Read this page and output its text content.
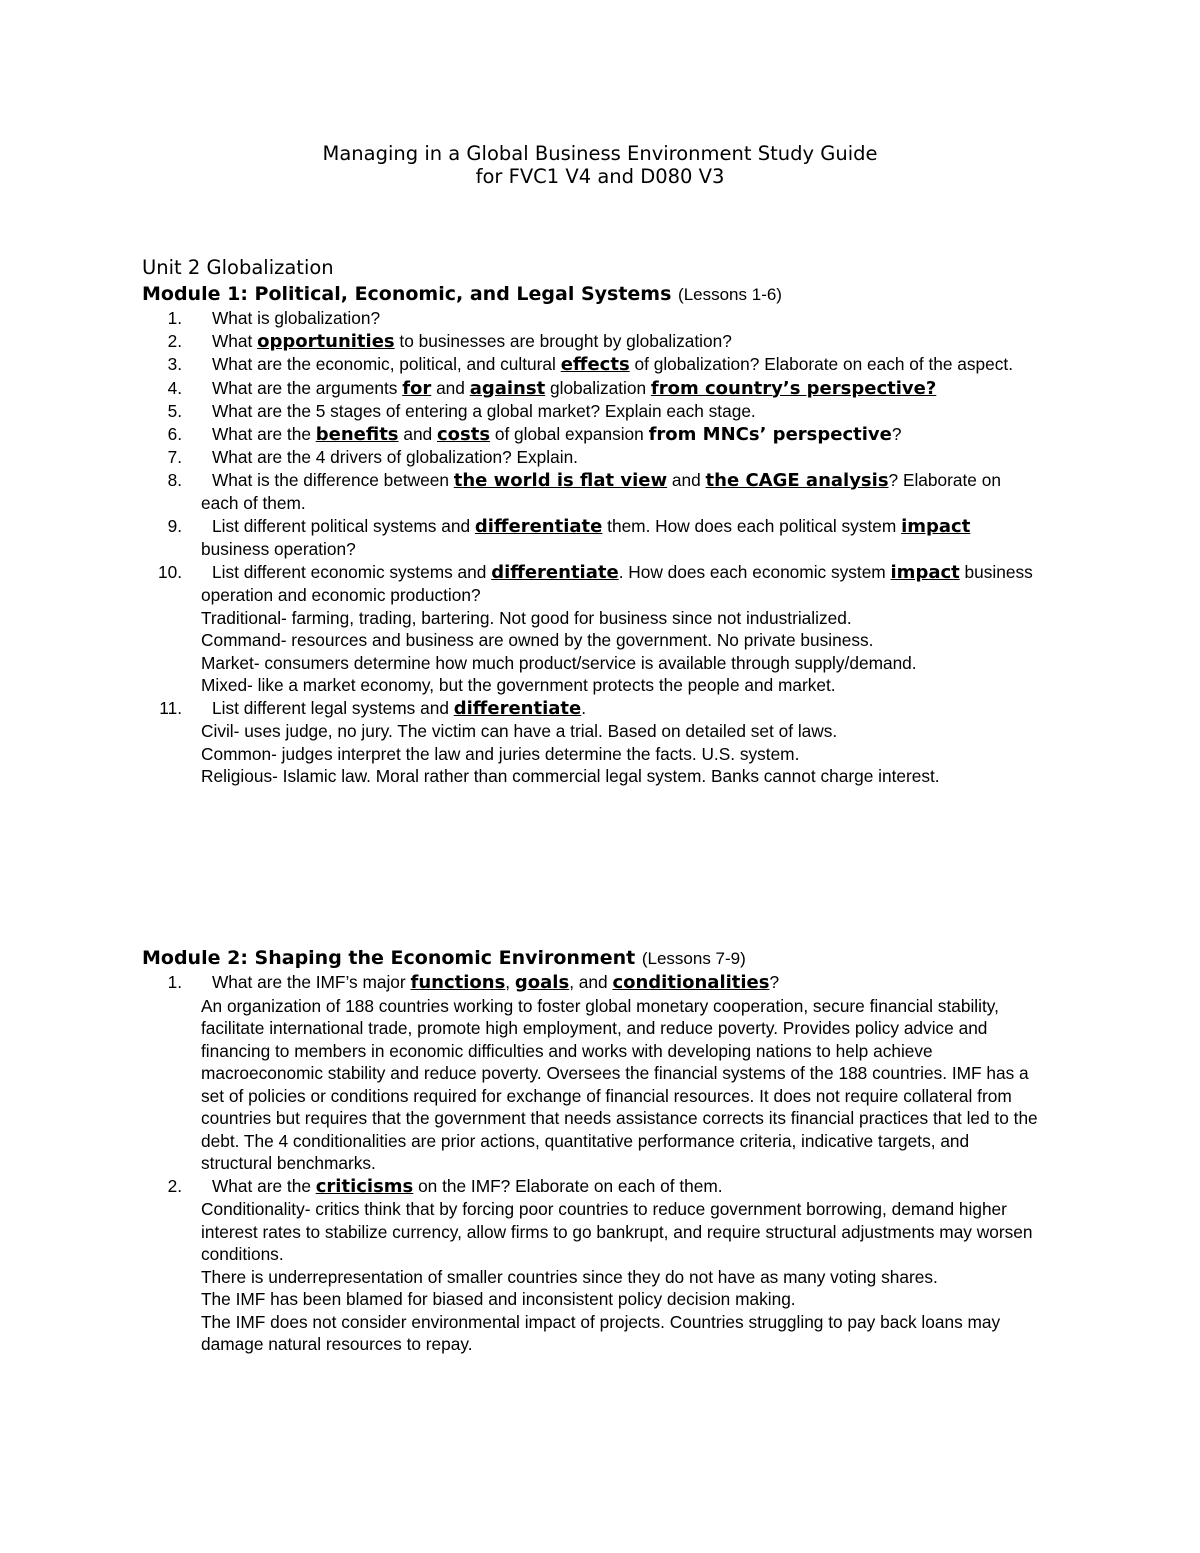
Managing in a Global Business Environment Study Guide
for FVC1 V4 and D080 V3
Unit 2 Globalization
Module 1: Political, Economic, and Legal Systems (Lessons 1-6)
1.	What is globalization?
2.	What opportunities to businesses are brought by globalization?
3.	What are the economic, political, and cultural effects of globalization? Elaborate on each of the aspect.
4.	What are the arguments for and against globalization from country’s perspective?
5.	What are the 5 stages of entering a global market? Explain each stage.
6.	What are the benefits and costs of global expansion from MNCs’ perspective?
7.	What are the 4 drivers of globalization? Explain.
8.	What is the difference between the world is flat view and the CAGE analysis? Elaborate on each of them.
9.	List different political systems and differentiate them. How does each political system impact business operation?
10.	List different economic systems and differentiate. How does each economic system impact business operation and economic production?
Traditional- farming, trading, bartering. Not good for business since not industrialized.
Command- resources and business are owned by the government. No private business.
Market- consumers determine how much product/service is available through supply/demand.
Mixed- like a market economy, but the government protects the people and market.
11.	List different legal systems and differentiate.
Civil- uses judge, no jury. The victim can have a trial. Based on detailed set of laws.
Common- judges interpret the law and juries determine the facts. U.S. system.
Religious- Islamic law. Moral rather than commercial legal system. Banks cannot charge interest.
Module 2: Shaping the Economic Environment (Lessons 7-9)
1.	What are the IMF’s major functions, goals, and conditionalities?
An organization of 188 countries working to foster global monetary cooperation, secure financial stability, facilitate international trade, promote high employment, and reduce poverty. Provides policy advice and financing to members in economic difficulties and works with developing nations to help achieve macroeconomic stability and reduce poverty. Oversees the financial systems of the 188 countries. IMF has a set of policies or conditions required for exchange of financial resources. It does not require collateral from countries but requires that the government that needs assistance corrects its financial practices that led to the debt. The 4 conditionalities are prior actions, quantitative performance criteria, indicative targets, and structural benchmarks.
2.	What are the criticisms on the IMF? Elaborate on each of them.
Conditionality- critics think that by forcing poor countries to reduce government borrowing, demand higher interest rates to stabilize currency, allow firms to go bankrupt, and require structural adjustments may worsen conditions.
There is underrepresentation of smaller countries since they do not have as many voting shares.
The IMF has been blamed for biased and inconsistent policy decision making.
The IMF does not consider environmental impact of projects. Countries struggling to pay back loans may damage natural resources to repay.
